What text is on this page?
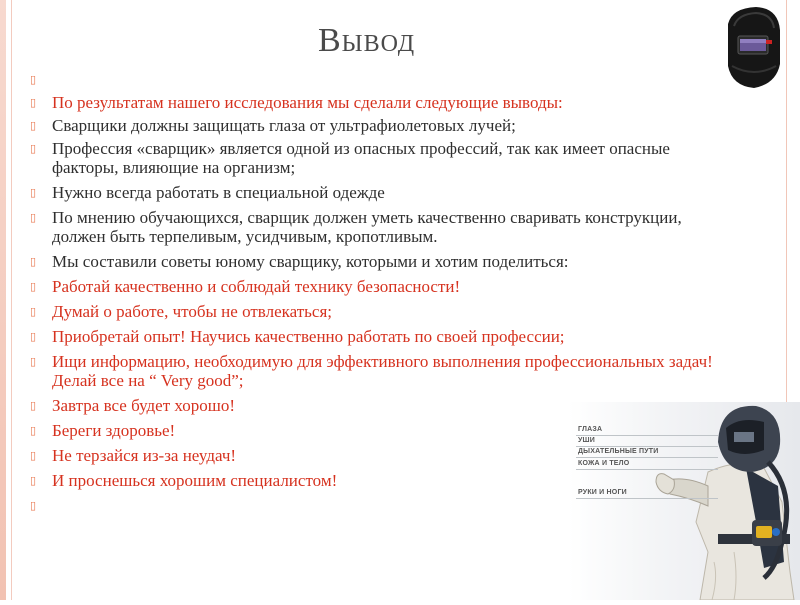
Вывод
▯
▯
По результатам нашего исследования мы сделали следующие выводы:
▯
Сварщики должны защищать глаза от ультрафиолетовых лучей;
▯
Профессия «сварщик» является одной из опасных профессий, так как имеет опасные факторы, влияющие на организм;
▯
Нужно всегда работать в специальной одежде
▯
По мнению обучающихся, сварщик должен уметь качественно сваривать конструкции, должен быть терпеливым, усидчивым, кропотливым.
▯
Мы составили советы юному сварщику, которыми и хотим поделиться:
▯
Работай качественно и соблюдай технику безопасности!
▯
Думай о работе, чтобы не отвлекаться;
▯
Приобретай опыт! Научись качественно работать по своей профессии;
▯
Ищи информацию, необходимую для эффективного выполнения профессиональных задач! Делай все на “ Very good”;
▯
Завтра все будет хорошо!
▯
Береги здоровье!
▯
Не терзайся из-за неудач!
▯
И проснешься хорошим специалистом!
▯
ГЛАЗА
УШИ
ДЫХАТЕЛЬНЫЕ ПУТИ
КОЖА И ТЕЛО
РУКИ И НОГИ
